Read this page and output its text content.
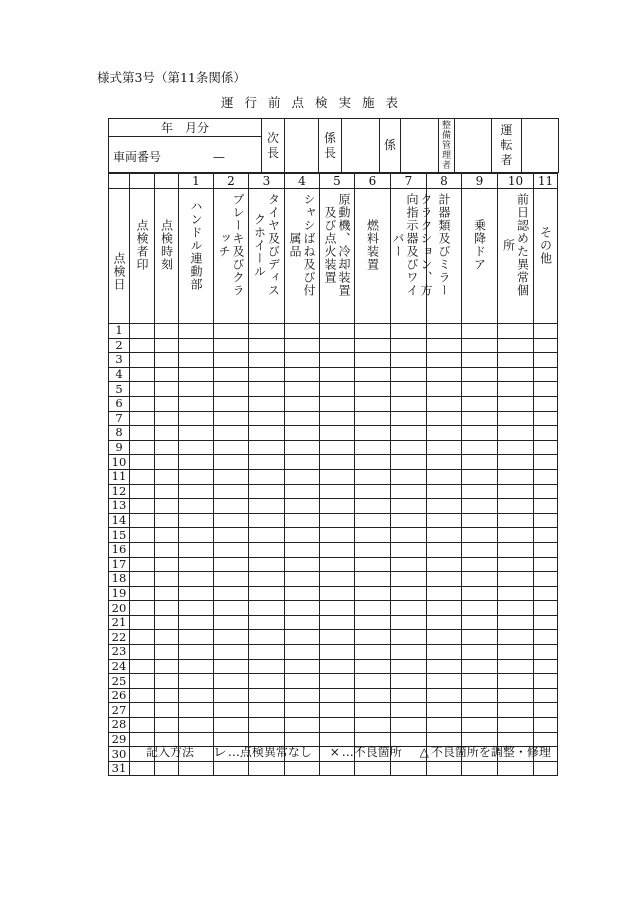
様式第3号（第11条関係）
運行前点検実施表
年　月分	次長		係長		係		整備管理者		運転者	

車両番号	—
			1	2	3	4	5	6	7	8	9	10	11

点検日	点検者印	点検時刻	ハンドル連動部	ブレーキ及びクラッチ	タイヤ及びディスクホイール	シャシばね及び付属品	原動機、冷却装置及び点火装置	燃料装置	クラクション、方向指示器及びワイパー	計器類及びミラー	乗降ドア	前日認めた異常個所	その他

1													
2													
3													
4													
5													
6													
7													
8													
9													
10													
11													
12													
13													
14													
15													
16													
17													
18													
19													
20													
21													
22													
23													
24													
25													
26													
27													
28													
29													
30													
31													
記入方法 レ…点検異常なし × …不良箇所 △ 不良箇所を調整・修理
